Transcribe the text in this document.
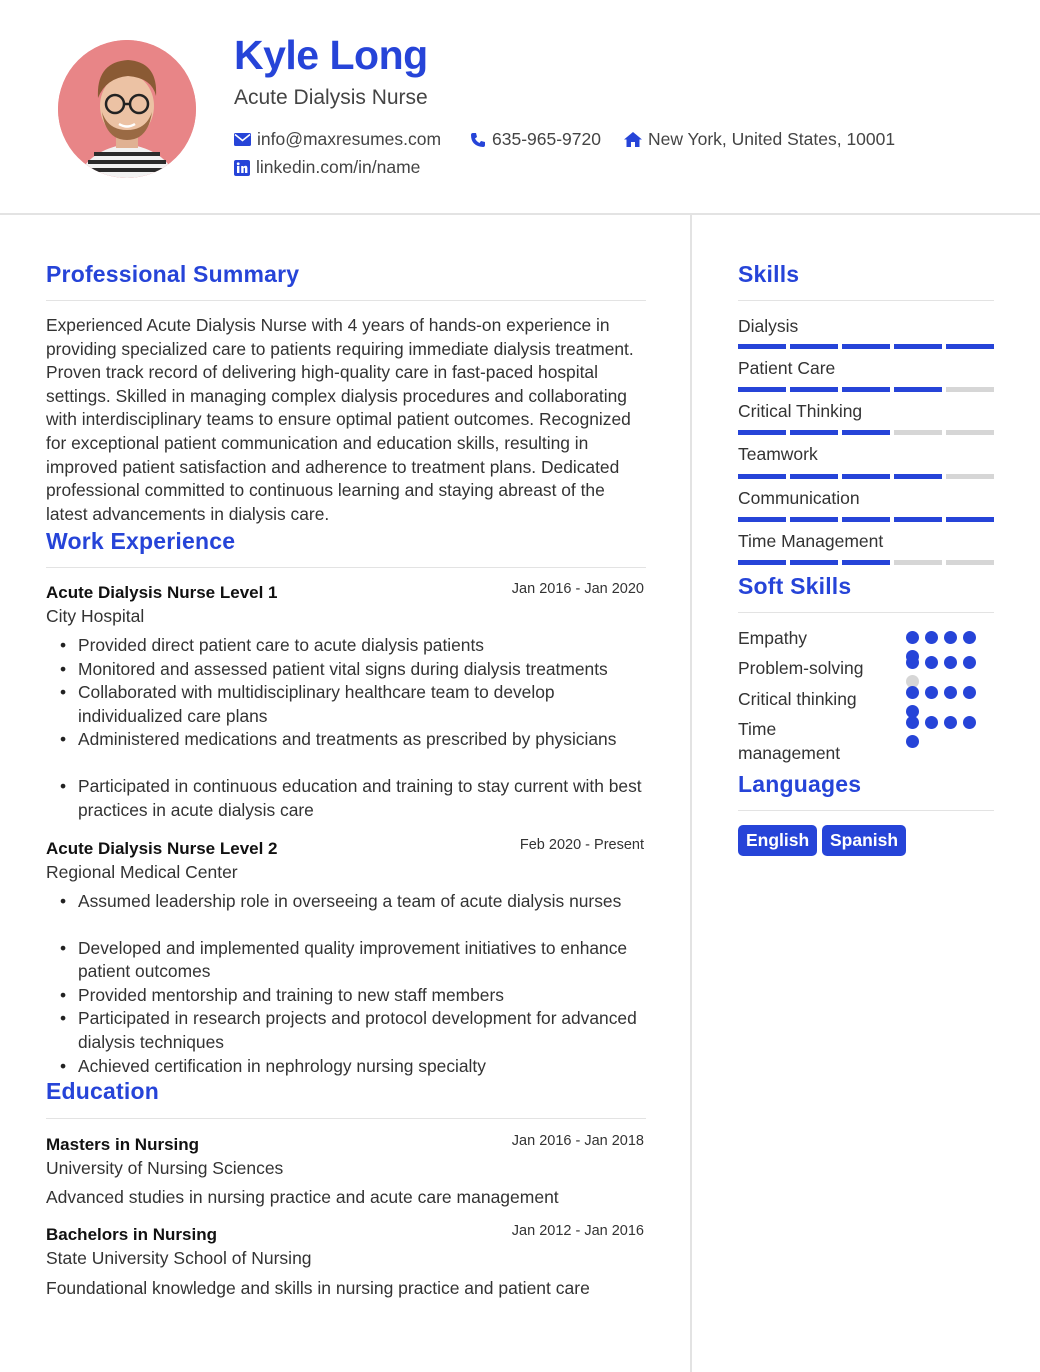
Kyle Long
Acute Dialysis Nurse
info@maxresumes.com	635-965-9720	New York, United States, 10001
linkedin.com/in/name
Professional Summary
Experienced Acute Dialysis Nurse with 4 years of hands-on experience in providing specialized care to patients requiring immediate dialysis treatment. Proven track record of delivering high-quality care in fast-paced hospital settings. Skilled in managing complex dialysis procedures and collaborating with interdisciplinary teams to ensure optimal patient outcomes. Recognized for exceptional patient communication and education skills, resulting in improved patient satisfaction and adherence to treatment plans. Dedicated professional committed to continuous learning and staying abreast of the latest advancements in dialysis care.
Work Experience
Acute Dialysis Nurse Level 1	Jan 2016 - Jan 2020
City Hospital
• Provided direct patient care to acute dialysis patients
• Monitored and assessed patient vital signs during dialysis treatments
• Collaborated with multidisciplinary healthcare team to develop individualized care plans
• Administered medications and treatments as prescribed by physicians
• Participated in continuous education and training to stay current with best practices in acute dialysis care
Acute Dialysis Nurse Level 2	Feb 2020 - Present
Regional Medical Center
• Assumed leadership role in overseeing a team of acute dialysis nurses
• Developed and implemented quality improvement initiatives to enhance patient outcomes
• Provided mentorship and training to new staff members
• Participated in research projects and protocol development for advanced dialysis techniques
• Achieved certification in nephrology nursing specialty
Education
Masters in Nursing	Jan 2016 - Jan 2018
University of Nursing Sciences
Advanced studies in nursing practice and acute care management
Bachelors in Nursing	Jan 2012 - Jan 2016
State University School of Nursing
Foundational knowledge and skills in nursing practice and patient care
Skills
Dialysis
Patient Care
Critical Thinking
Teamwork
Communication
Time Management
Soft Skills
Empathy
Problem-solving
Critical thinking
Time management
Languages
English	Spanish
